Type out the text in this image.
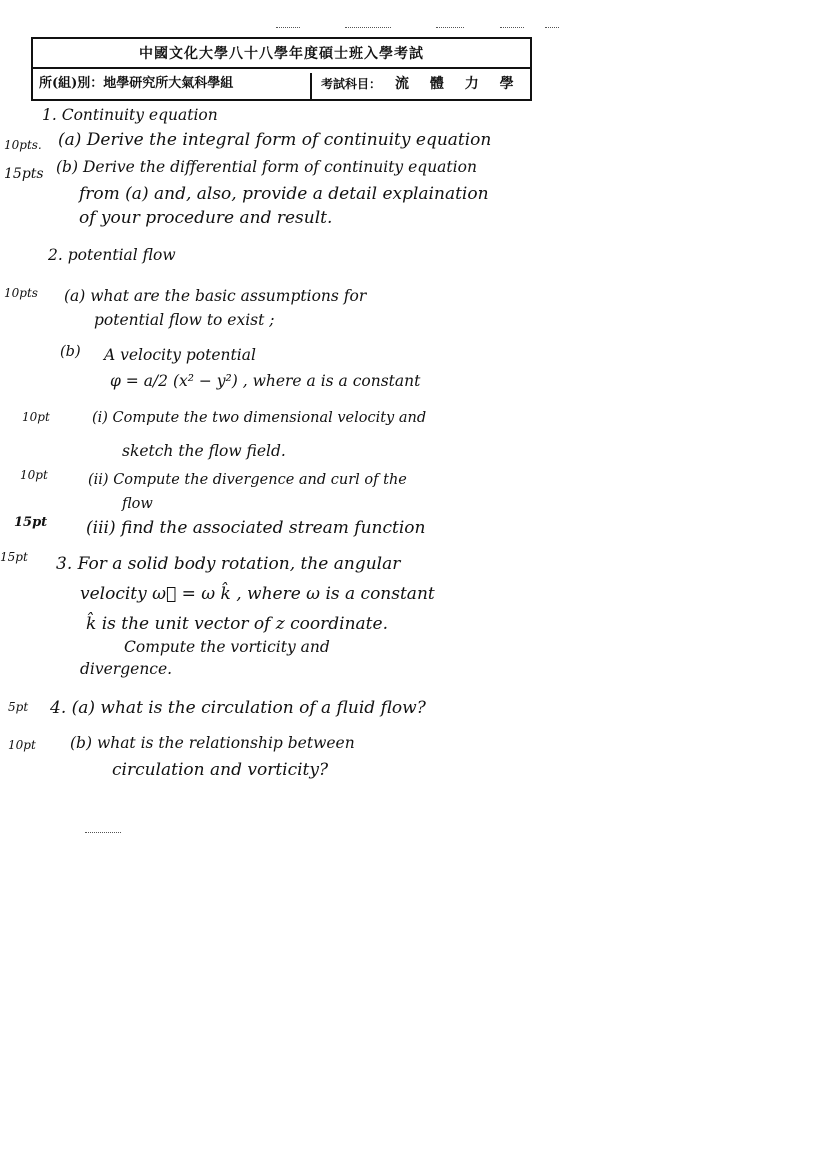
中國文化大學八十八學年度碩士班入學考試
所(組)別：地學研究所大氣科學組	考試科目： 流 體 力 學
1. Continuity equation
10pts. (a) Derive the integral form of continuity equation
15pts (b) Derive the differential form of continuity equation
from (a) and, also, provide a detail explaination
of your procedure and result.
2. potential flow
10pts (a) what are the basic assumptions for
potential flow to exist ;
(b) A velocity potential
φ = a/2 (x² − y²) , where a is a constant
10pt	(i) Compute the two dimensional velocity and
sketch the flow field.
10pt	(ii) Compute the divergence and curl of the
flow
15pt (iii) find the associated stream function
15pt 3. For a solid body rotation, the angular
velocity ω⃗ = ω k̂ , where ω is a constant
k̂ is the unit vector of z coordinate.
Compute the vorticity and
divergence.
5pt 4. (a) what is the circulation of a fluid flow?
10pt (b) what is the relationship between
circulation and vorticity?
